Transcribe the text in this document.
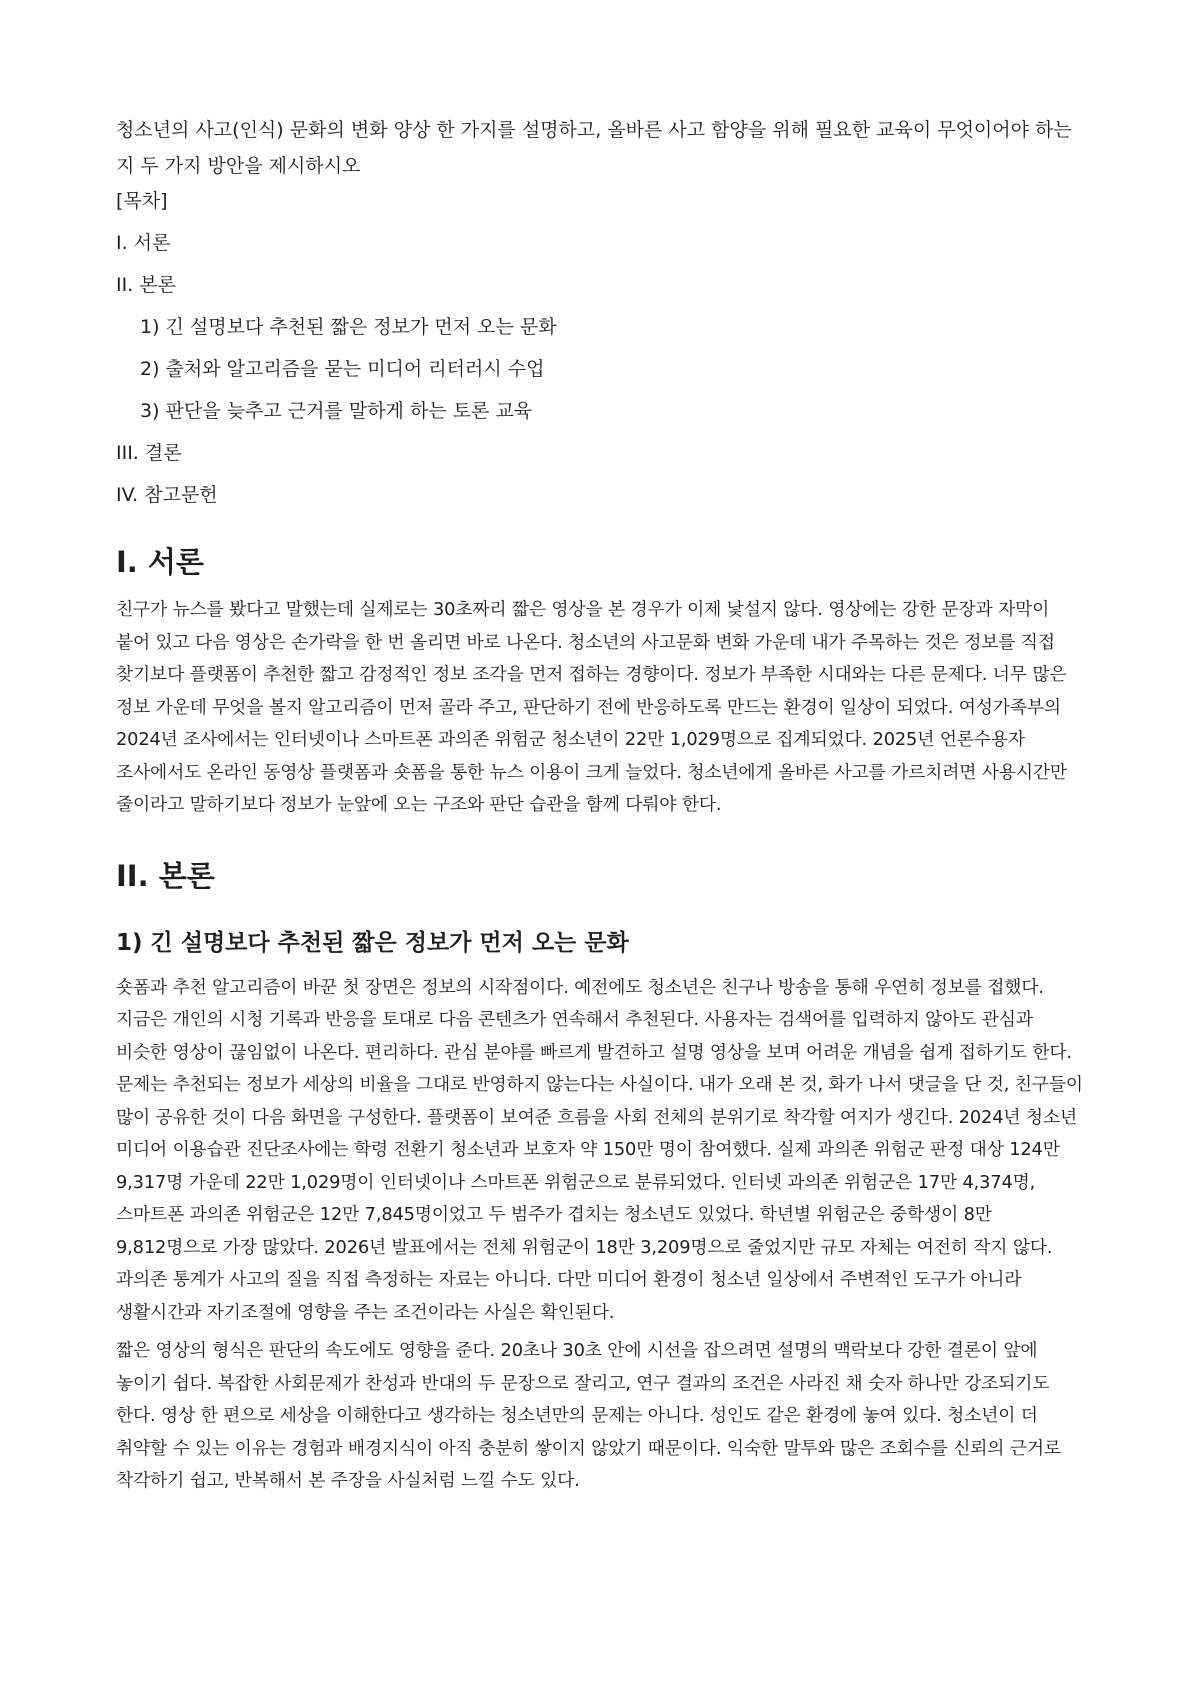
청소년의 사고(인식) 문화의 변화 양상 한 가지를 설명하고, 올바른 사고 함양을 위해 필요한 교육이 무엇이어야 하는지 두 가지 방안을 제시하시오

[목차]

I. 서론

II. 본론

1) 긴 설명보다 추천된 짧은 정보가 먼저 오는 문화

2) 출처와 알고리즘을 묻는 미디어 리터러시 수업

3) 판단을 늦추고 근거를 말하게 하는 토론 교육

III. 결론

IV. 참고문헌

I. 서론

친구가 뉴스를 봤다고 말했는데 실제로는 30초짜리 짧은 영상을 본 경우가 이제 낯설지 않다. 영상에는 강한 문장과 자막이 붙어 있고 다음 영상은 손가락을 한 번 올리면 바로 나온다. 청소년의 사고문화 변화 가운데 내가 주목하는 것은 정보를 직접 찾기보다 플랫폼이 추천한 짧고 감정적인 정보 조각을 먼저 접하는 경향이다. 정보가 부족한 시대와는 다른 문제다. 너무 많은 정보 가운데 무엇을 볼지 알고리즘이 먼저 골라 주고, 판단하기 전에 반응하도록 만드는 환경이 일상이 되었다. 여성가족부의 2024년 조사에서는 인터넷이나 스마트폰 과의존 위험군 청소년이 22만 1,029명으로 집계되었다. 2025년 언론수용자 조사에서도 온라인 동영상 플랫폼과 숏폼을 통한 뉴스 이용이 크게 늘었다. 청소년에게 올바른 사고를 가르치려면 사용시간만 줄이라고 말하기보다 정보가 눈앞에 오는 구조와 판단 습관을 함께 다뤄야 한다.

II. 본론
1) 긴 설명보다 추천된 짧은 정보가 먼저 오는 문화

숏폼과 추천 알고리즘이 바꾼 첫 장면은 정보의 시작점이다. 예전에도 청소년은 친구나 방송을 통해 우연히 정보를 접했다. 지금은 개인의 시청 기록과 반응을 토대로 다음 콘텐츠가 연속해서 추천된다. 사용자는 검색어를 입력하지 않아도 관심과 비슷한 영상이 끊임없이 나온다. 편리하다. 관심 분야를 빠르게 발견하고 설명 영상을 보며 어려운 개념을 쉽게 접하기도 한다. 문제는 추천되는 정보가 세상의 비율을 그대로 반영하지 않는다는 사실이다. 내가 오래 본 것, 화가 나서 댓글을 단 것, 친구들이 많이 공유한 것이 다음 화면을 구성한다. 플랫폼이 보여준 흐름을 사회 전체의 분위기로 착각할 여지가 생긴다. 2024년 청소년 미디어 이용습관 진단조사에는 학령 전환기 청소년과 보호자 약 150만 명이 참여했다. 실제 과의존 위험군 판정 대상 124만 9,317명 가운데 22만 1,029명이 인터넷이나 스마트폰 위험군으로 분류되었다. 인터넷 과의존 위험군은 17만 4,374명, 스마트폰 과의존 위험군은 12만 7,845명이었고 두 범주가 겹치는 청소년도 있었다. 학년별 위험군은 중학생이 8만 9,812명으로 가장 많았다. 2026년 발표에서는 전체 위험군이 18만 3,209명으로 줄었지만 규모 자체는 여전히 작지 않다. 과의존 통계가 사고의 질을 직접 측정하는 자료는 아니다. 다만 미디어 환경이 청소년 일상에서 주변적인 도구가 아니라 생활시간과 자기조절에 영향을 주는 조건이라는 사실은 확인된다.

짧은 영상의 형식은 판단의 속도에도 영향을 준다. 20초나 30초 안에 시선을 잡으려면 설명의 맥락보다 강한 결론이 앞에 놓이기 쉽다. 복잡한 사회문제가 찬성과 반대의 두 문장으로 잘리고, 연구 결과의 조건은 사라진 채 숫자 하나만 강조되기도 한다. 영상 한 편으로 세상을 이해한다고 생각하는 청소년만의 문제는 아니다. 성인도 같은 환경에 놓여 있다. 청소년이 더 취약할 수 있는 이유는 경험과 배경지식이 아직 충분히 쌓이지 않았기 때문이다. 익숙한 말투와 많은 조회수를 신뢰의 근거로 착각하기 쉽고, 반복해서 본 주장을 사실처럼 느낄 수도 있다.
